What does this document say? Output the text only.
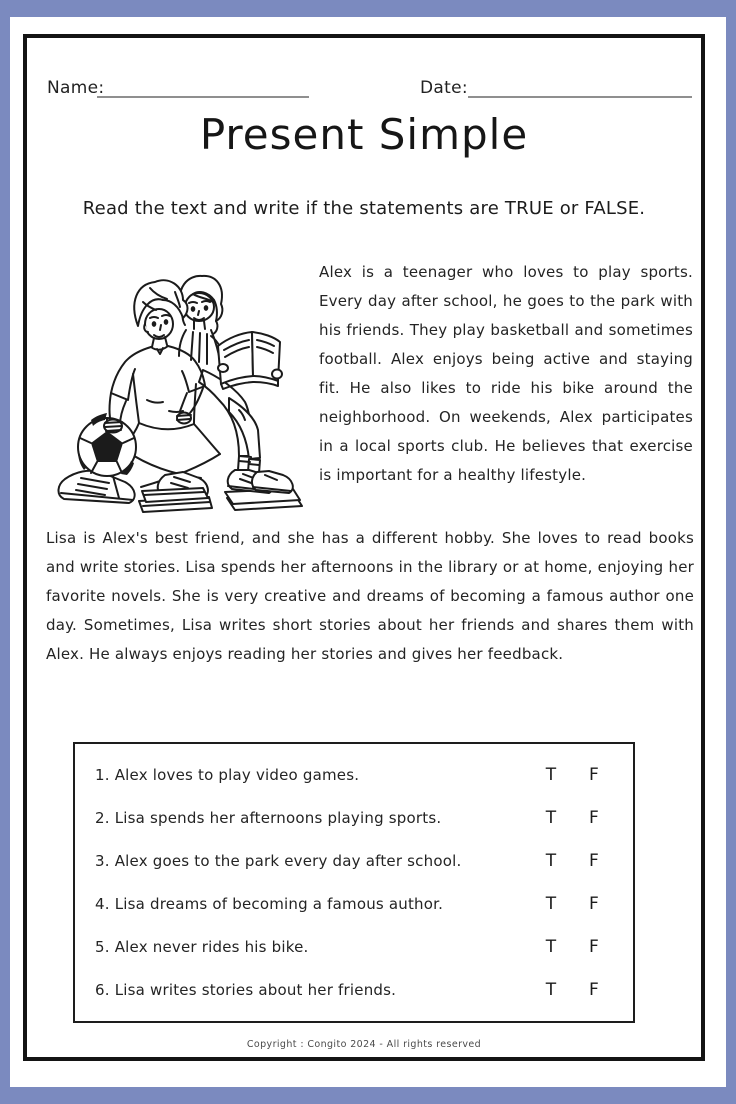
Name:	Date:
Present Simple

Read the text and write if the statements are TRUE or FALSE.

Alex is a teenager who loves to play sports. Every day after school, he goes to the park with his friends. They play basketball and sometimes football. Alex enjoys being active and staying fit. He also likes to ride his bike around the neighborhood. On weekends, Alex participates in a local sports club. He believes that exercise is important for a healthy lifestyle.

Lisa is Alex's best friend, and she has a different hobby. She loves to read books and write stories. Lisa spends her afternoons in the library or at home, enjoying her favorite novels. She is very creative and dreams of becoming a famous author one day. Sometimes, Lisa writes short stories about her friends and shares them with Alex. He always enjoys reading her stories and gives her feedback.

1. Alex loves to play video games.	T	F
2. Lisa spends her afternoons playing sports.	T	F
3. Alex goes to the park every day after school.	T	F
4. Lisa dreams of becoming a famous author.	T	F
5. Alex never rides his bike.	T	F
6. Lisa writes stories about her friends.	T	F
Copyright : Congito 2024 - All rights reserved
